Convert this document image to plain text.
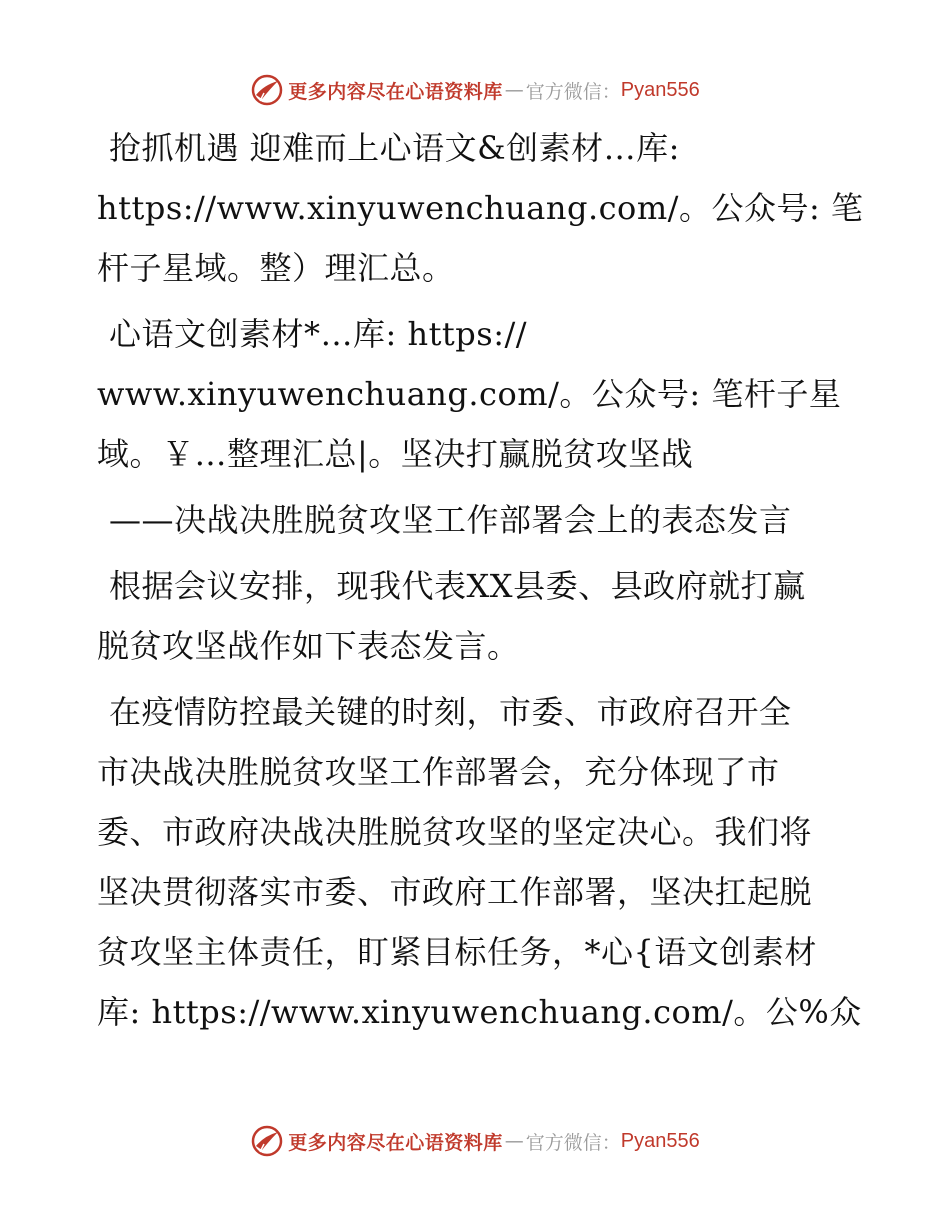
更多内容尽在心语资料库 — 官方微信： Pyan556

抢抓机遇 迎难而上心语文&创素材…库:
https://www.xinyuwenchuang.com/。公众号: 笔
杆子星域。整）理汇总。

心语文创素材*…库: https://
www.xinyuwenchuang.com/。公众号: 笔杆子星
域。￥…整理汇总|。坚决打赢脱贫攻坚战

——决战决胜脱贫攻坚工作部署会上的表态发言

根据会议安排，现我代表XX县委、县政府就打赢
脱贫攻坚战作如下表态发言。

在疫情防控最关键的时刻，市委、市政府召开全
市决战决胜脱贫攻坚工作部署会，充分体现了市
委、市政府决战决胜脱贫攻坚的坚定决心。我们将
坚决贯彻落实市委、市政府工作部署，坚决扛起脱
贫攻坚主体责任，盯紧目标任务，*心{语文创素材
库: https://www.xinyuwenchuang.com/。公%众

更多内容尽在心语资料库 — 官方微信： Pyan556
